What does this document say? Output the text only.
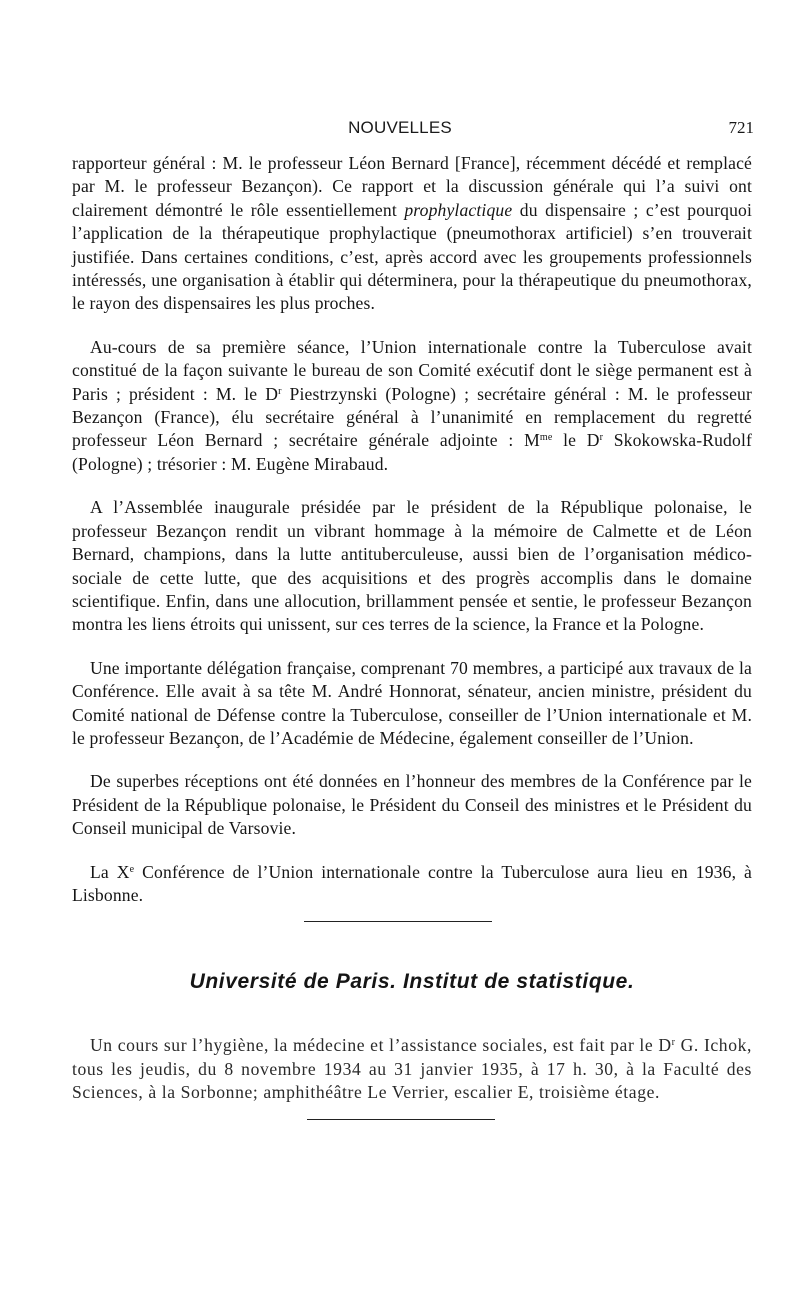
NOUVELLES	721

rapporteur général : M. le professeur Léon Bernard [France], récemment décédé et remplacé par M. le professeur Bezançon). Ce rapport et la discussion générale qui l’a suivi ont clairement démontré le rôle essentiellement prophylactique du dispensaire ; c’est pourquoi l’application de la thérapeutique prophylactique (pneumothorax artificiel) s’en trouverait justifiée. Dans certaines conditions, c’est, après accord avec les groupements professionnels intéressés, une organisation à établir qui déterminera, pour la thérapeutique du pneumothorax, le rayon des dispensaires les plus proches.

Au-cours de sa première séance, l’Union internationale contre la Tuberculose avait constitué de la façon suivante le bureau de son Comité exécutif dont le siège permanent est à Paris ; président : M. le $D^r$ Piestrzynski (Pologne) ; secrétaire général : M. le professeur Bezançon (France), élu secrétaire général à l’unanimité en remplacement du regretté professeur Léon Bernard ; secrétaire générale adjointe : $M^{me}$ le $D^r$ Skokowska-Rudolf (Pologne) ; trésorier : M. Eugène Mirabaud.

A l’Assemblée inaugurale présidée par le président de la République polonaise, le professeur Bezançon rendit un vibrant hommage à la mémoire de Calmette et de Léon Bernard, champions, dans la lutte antituberculeuse, aussi bien de l’organisation médico-sociale de cette lutte, que des acquisitions et des progrès accomplis dans le domaine scientifique. Enfin, dans une allocution, brillamment pensée et sentie, le professeur Bezançon montra les liens étroits qui unissent, sur ces terres de la science, la France et la Pologne.

Une importante délégation française, comprenant 70 membres, a participé aux travaux de la Conférence. Elle avait à sa tête M. André Honnorat, sénateur, ancien ministre, président du Comité national de Défense contre la Tuberculose, conseiller de l’Union internationale et M. le professeur Bezançon, de l’Académie de Médecine, également conseiller de l’Union.

De superbes réceptions ont été données en l’honneur des membres de la Conférence par le Président de la République polonaise, le Président du Conseil des ministres et le Président du Conseil municipal de Varsovie.

La Xe Conférence de l’Union internationale contre la Tuberculose aura lieu en 1936, à Lisbonne.

Université de Paris. Institut de statistique.

Un cours sur l’hygiène, la médecine et l’assistance sociales, est fait par le $D^r$ G. Ichok, tous les jeudis, du 8 novembre 1934 au 31 janvier 1935, à 17 h. 30, à la Faculté des Sciences, à la Sorbonne; amphithéâtre Le Verrier, escalier E, troisième étage.
